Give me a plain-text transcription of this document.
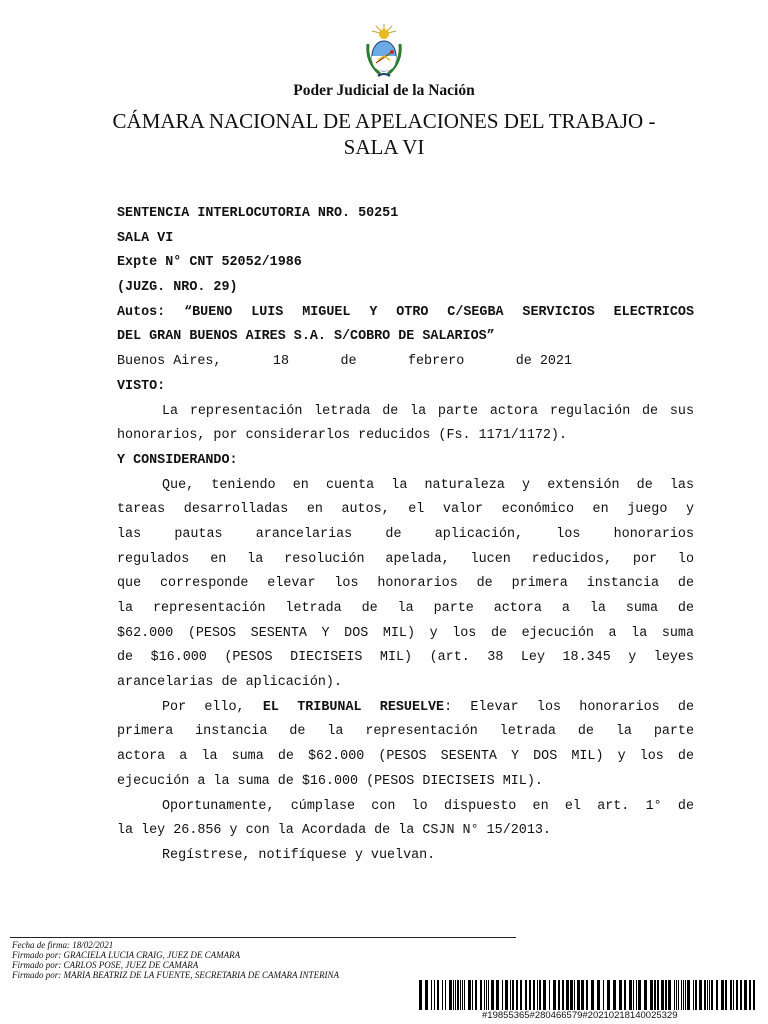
Poder Judicial de la Nación
CÁMARA NACIONAL DE APELACIONES DEL TRABAJO -
SALA VI
SENTENCIA INTERLOCUTORIA NRO. 50251
SALA VI
Expte N° CNT 52052/1986
(JUZG. NRO. 29)
Autos: “BUENO LUIS MIGUEL Y OTRO C/SEGBA SERVICIOS ELECTRICOS
DEL GRAN BUENOS AIRES S.A. S/COBRO DE SALARIOS”
Buenos Aires,	18	de	febrero	de 2021
VISTO:
La representación letrada de la parte actora regulación de sus
honorarios, por considerarlos reducidos (Fs. 1171/1172).
Y CONSIDERANDO:
Que, teniendo en cuenta la naturaleza y extensión de las
tareas desarrolladas en autos, el valor económico en juego y
las pautas arancelarias de aplicación, los honorarios
regulados en la resolución apelada, lucen reducidos, por lo
que corresponde elevar los honorarios de primera instancia de
la representación letrada de la parte actora a la suma de
$62.000 (PESOS SESENTA Y DOS MIL) y los de ejecución a la suma
de $16.000 (PESOS DIECISEIS MIL) (art. 38 Ley 18.345 y leyes
arancelarias de aplicación).
Por ello, EL TRIBUNAL RESUELVE: Elevar los honorarios de
primera instancia de la representación letrada de la parte
actora a la suma de $62.000 (PESOS SESENTA Y DOS MIL) y los de
ejecución a la suma de $16.000 (PESOS DIECISEIS MIL).
Oportunamente, cúmplase con lo dispuesto en el art. 1° de
la ley 26.856 y con la Acordada de la CSJN N° 15/2013.
Regístrese, notifíquese y vuelvan.
Fecha de firma: 18/02/2021
Firmado por: GRACIELA LUCIA CRAIG, JUEZ DE CAMARA
Firmado por: CARLOS POSE, JUEZ DE CAMARA
Firmado por: MARIA BEATRIZ DE LA FUENTE, SECRETARIA DE CAMARA INTERINA
#19855365#280466579#20210218140025329
